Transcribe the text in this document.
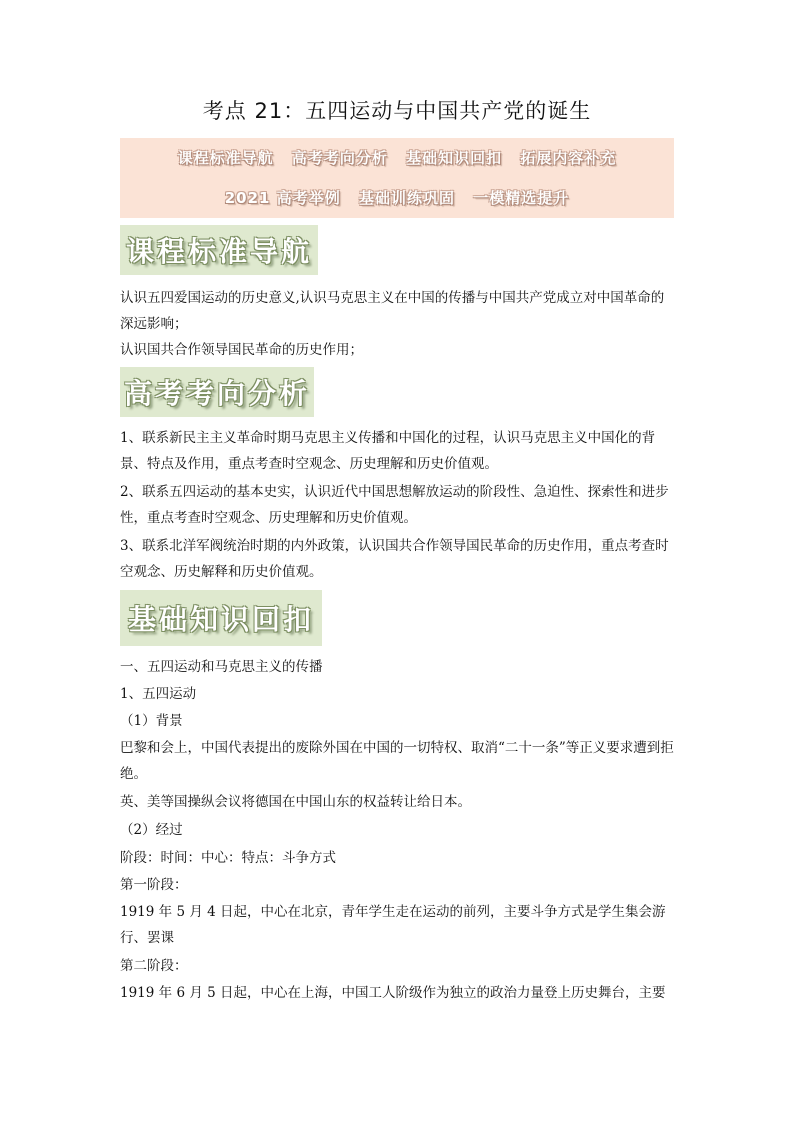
考点 21：五四运动与中国共产党的诞生
课程标准导航 高考考向分析 基础知识回扣 拓展内容补充
2021 高考举例 基础训练巩固 一模精选提升
课程标准导航

认识五四爱国运动的历史意义,认识马克思主义在中国的传播与中国共产党成立对中国革命的 深远影响；

认识国共合作领导国民革命的历史作用；

高考考向分析

1、联系新民主主义革命时期马克思主义传播和中国化的过程，认识马克思主义中国化的背景、特点及作用，重点考查时空观念、历史理解和历史价值观。

2、联系五四运动的基本史实，认识近代中国思想解放运动的阶段性、急迫性、探索性和进步性，重点考查时空观念、历史理解和历史价值观。

3、联系北洋军阀统治时期的内外政策，认识国共合作领导国民革命的历史作用，重点考查时空观念、历史解释和历史价值观。

基础知识回扣

一、五四运动和马克思主义的传播

1、五四运动

（1）背景

巴黎和会上，中国代表提出的废除外国在中国的一切特权、取消“二十一条”等正义要求遭到拒绝。

英、美等国操纵会议将德国在中国山东的权益转让给日本。

（2）经过

阶段：时间：中心：特点：斗争方式

第一阶段：

1919 年 5 月 4 日起，中心在北京，青年学生走在运动的前列，主要斗争方式是学生集会游行、罢课

第二阶段：

1919 年 6 月 5 日起，中心在上海，中国工人阶级作为独立的政治力量登上历史舞台，主要
